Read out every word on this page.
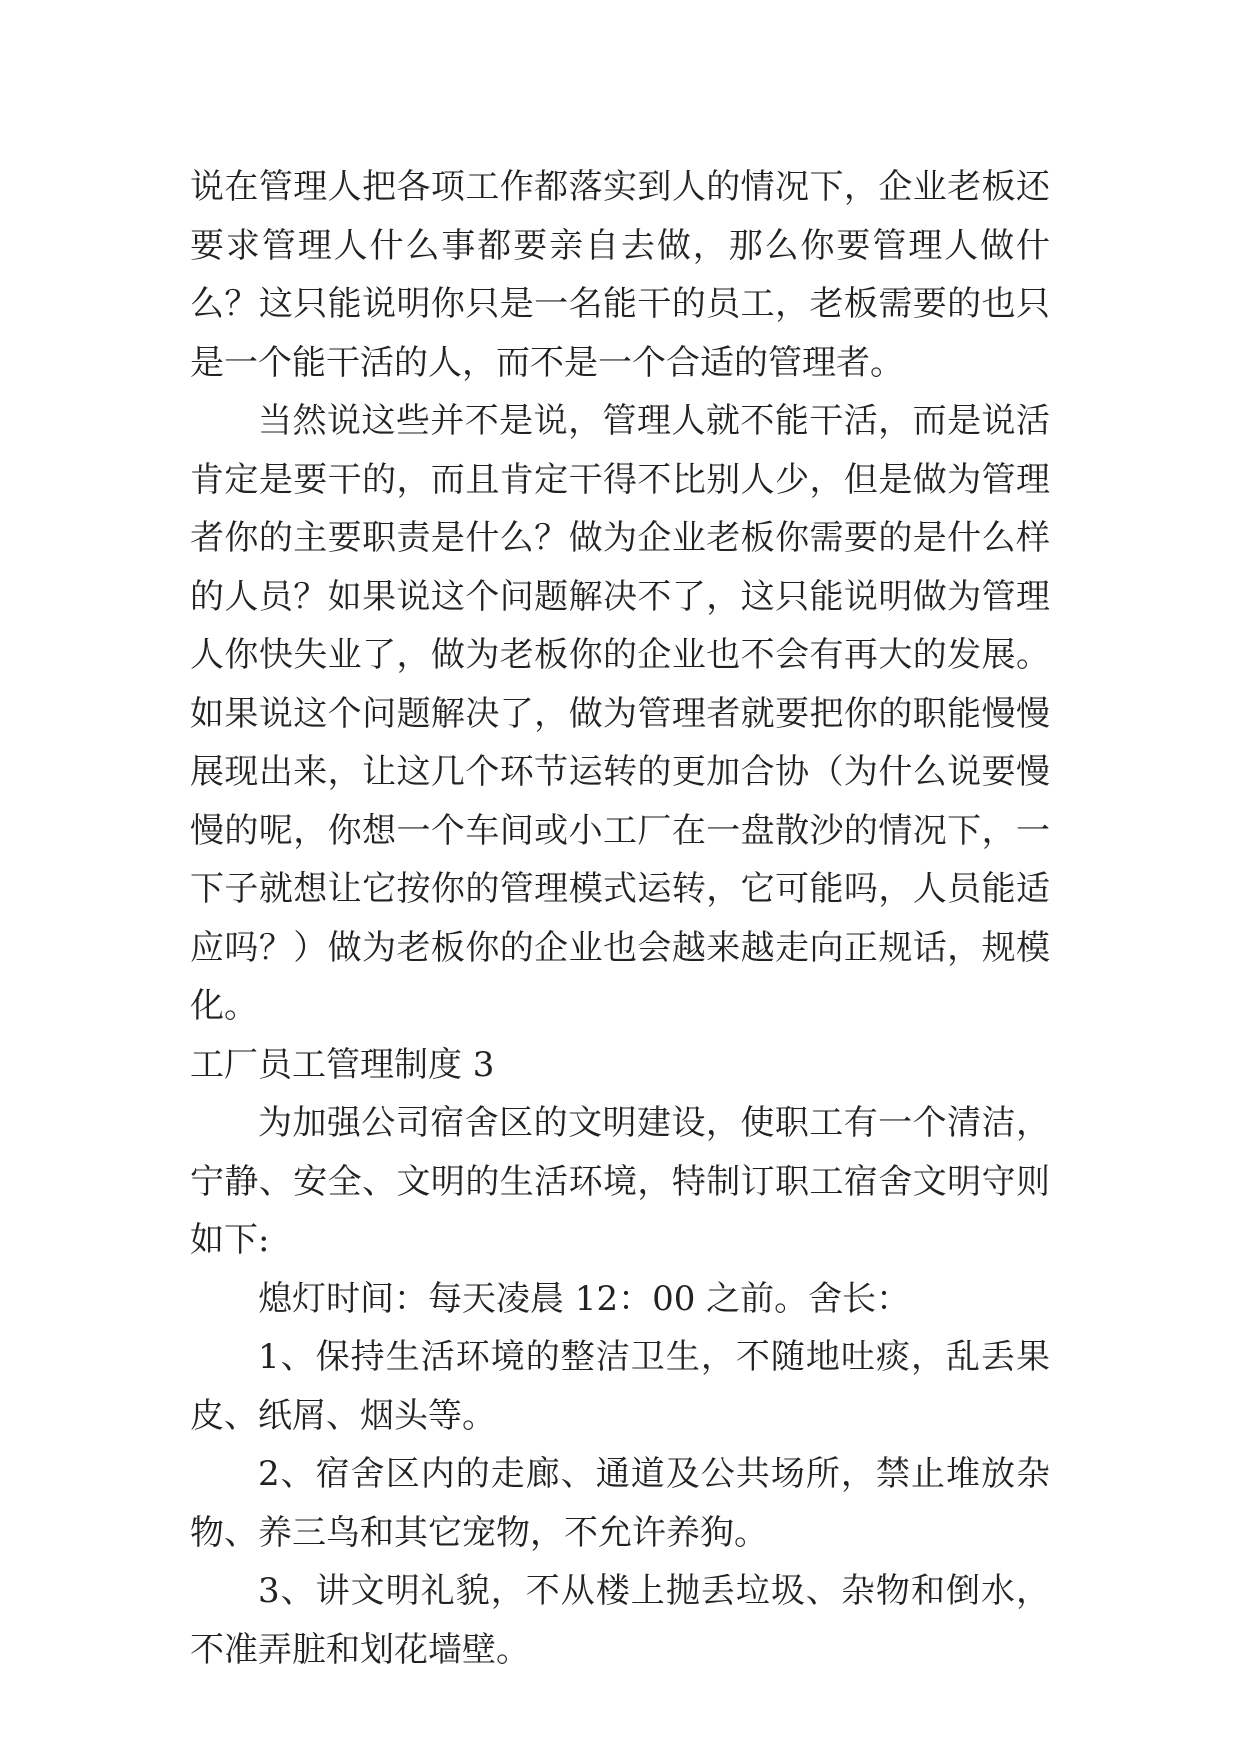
说在管理人把各项工作都落实到人的情况下，企业老板还要求管理人什么事都要亲自去做，那么你要管理人做什么？这只能说明你只是一名能干的员工，老板需要的也只是一个能干活的人，而不是一个合适的管理者。

当然说这些并不是说，管理人就不能干活，而是说活肯定是要干的，而且肯定干得不比别人少，但是做为管理者你的主要职责是什么？做为企业老板你需要的是什么样的人员？如果说这个问题解决不了，这只能说明做为管理人你快失业了，做为老板你的企业也不会有再大的发展。如果说这个问题解决了，做为管理者就要把你的职能慢慢展现出来，让这几个环节运转的更加合协（为什么说要慢慢的呢，你想一个车间或小工厂在一盘散沙的情况下，一下子就想让它按你的管理模式运转，它可能吗，人员能适应吗？）做为老板你的企业也会越来越走向正规话，规模化。

工厂员工管理制度 3

为加强公司宿舍区的文明建设，使职工有一个清洁，宁静、安全、文明的生活环境，特制订职工宿舍文明守则如下:

熄灯时间：每天凌晨 12：00 之前。舍长：

1、保持生活环境的整洁卫生，不随地吐痰，乱丢果皮、纸屑、烟头等。

2、宿舍区内的走廊、通道及公共场所，禁止堆放杂物、养三鸟和其它宠物，不允许养狗。

3、讲文明礼貌，不从楼上抛丢垃圾、杂物和倒水，不准弄脏和划花墙壁。
